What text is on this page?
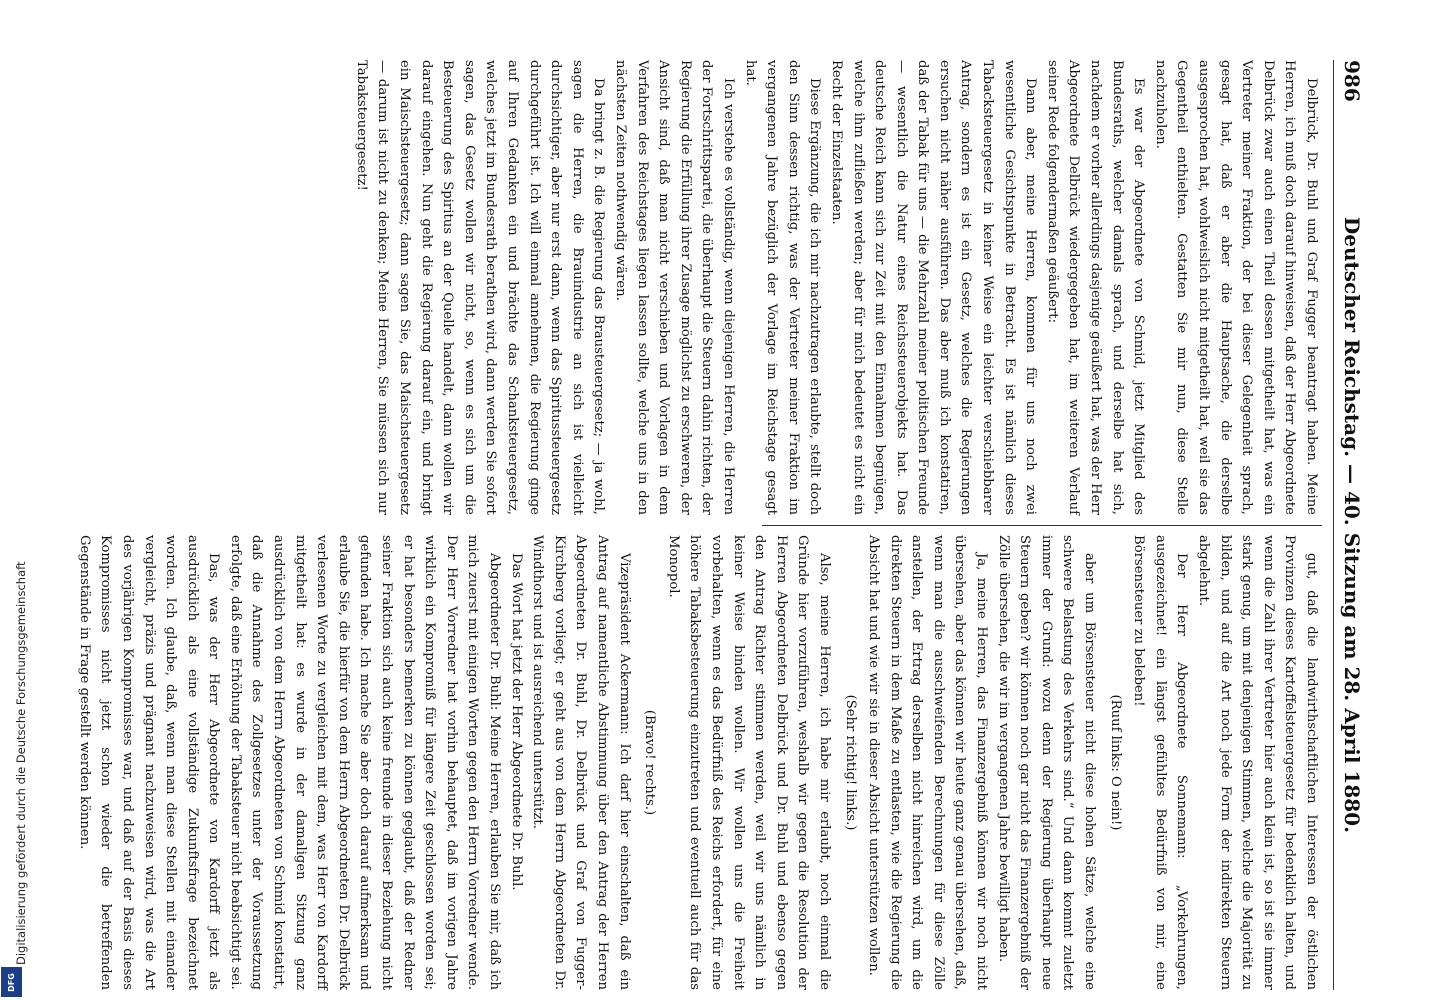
986
Deutscher Reichstag. — 40. Sitzung am 28. April 1880.

Delbrück, Dr. Buhl und Graf Fugger beantragt haben. Meine Herren, ich muß doch darauf hinweisen, daß der Herr Abgeordnete Delbrück zwar auch einen Theil dessen mitgetheilt hat, was ein Vertreter meiner Fraktion, der bei dieser Gelegenheit sprach, gesagt hat, daß er aber die Hauptsache, die derselbe ausgesprochen hat, wohlweislich nicht mitgetheilt hat, weil sie das Gegentheil enthielten. Gestatten Sie mir nun, diese Stelle nachzuholen.

Es war der Abgeordnete von Schmid, jetzt Mitglied des Bundesraths, welcher damals sprach, und derselbe hat sich, nachdem er vorher allerdings dasjenige geäußert hat, was der Herr Abgeordnete Delbrück wiedergegeben hat, im weiteren Verlauf seiner Rede folgendermaßen geäußert:

Dann aber, meine Herren, kommen für uns noch zwei wesentliche Gesichtspunkte in Betracht. Es ist nämlich dieses Tabacksteuergesetz in keiner Weise ein leichter verschiebbarer Antrag, sondern es ist ein Gesetz, welches die Regierungen ersuchen nicht näher ausführen. Das aber muß ich konstatiren, daß der Tabak für uns — die Mehrzahl meiner politischen Freunde — wesentlich die Natur eines Reichssteuerobjekts hat. Das deutsche Reich kann sich zur Zeit mit den Einnahmen begnügen, welche ihm zufließen werden; aber für mich bedeutet es nicht ein Recht der Einzelstaaten.

Diese Ergänzung, die ich mir nachzutragen erlaubte, stellt doch den Sinn dessen richtig, was der Vertreter meiner Fraktion im vergangenen Jahre bezüglich der Vorlage im Reichstage gesagt hat.

Ich verstehe es vollständig, wenn diejenigen Herren, die Herren der Fortschrittspartei, die überhaupt die Steuern dahin richten, der Regierung die Erfüllung ihrer Zusage möglichst zu erschweren, der Ansicht sind, daß man nicht verschieben und Vorlagen in dem Verfahren des Reichstages liegen lassen sollte, welche uns in den nächsten Zeiten nothwendig wären.

Da bringt z. B. die Regierung das Brausteuergesetz; — ja wohl, sagen die Herren, die Brauindustrie an sich ist vielleicht durchsichtiger, aber nur erst dann, wenn das Spiritussteuergesetz durchgeführt ist. Ich will einmal annehmen, die Regierung ginge auf Ihren Gedanken ein und brächte das Schanksteuergesetz, welches jetzt im Bundesrath berathen wird, dann werden Sie sofort sagen, das Gesetz wollen wir nicht, so, wenn es sich um die Besteuerung des Spiritus an der Quelle handelt, dann wollen wir darauf eingehen. Nun geht die Regierung darauf ein, und bringt ein Maischsteuergesetz; dann sagen Sie, das Maischsteuergesetz — darum ist nicht zu denken; Meine Herren, Sie müssen sich nur Tabaksteuergesetz!

gut, daß die landwirthschaftlichen Interessen der östlichen Provinzen dieses Kartoffelsteuergesetz für bedenklich halten, und wenn die Zahl ihrer Vertreter hier auch klein ist, so ist sie immer stark genug, um mit denjenigen Stimmen, welche die Majorität zu bilden, und auf die Art noch jede Form der indirekten Steuern abgelehnt.

Der Herr Abgeordnete Sonnemann: „Vorkehrungen, ausgezeichnet! ein längst gefühltes Bedürfniß von mir, eine Börsensteuer zu beleben!

(Ruuf links: O nein!)

aber um Börsensteuer nicht diese hohen Sätze, welche eine schwere Belastung des Verkehrs sind.“ Und dann kommt zuletzt immer der Grund: wozu denn der Regierung überhaupt neue Steuern geben? wir können noch gar nicht das Finanzergebniß der Zölle übersehen, die wir im vergangenen Jahre bewilligt haben.

Ja, meine Herren, das Finanzergebniß können wir noch nicht übersehen, aber das können wir heute ganz genau übersehen, daß, wenn man die ausschweifenden Berechnungen für diese Zölle anstellen, der Ertrag derselben nicht hinreichen wird, um die direkten Steuern in dem Maße zu entlasten, wie die Regierung die Absicht hat und wie wir sie in dieser Absicht unterstützen wollen.

(Sehr richtig! links.)

Also, meine Herren, ich habe mir erlaubt, noch einmal die Gründe hier vorzuführen, weshalb wir gegen die Resolution der Herren Abgeordneten Delbrück und Dr. Buhl und ebenso gegen den Antrag Richter stimmen werden, weil wir uns nämlich in keiner Weise binden wollen. Wir wollen uns die Freiheit vorbehalten, wenn es das Bedürfniß des Reichs erfordert, für eine höhere Tabaksbesteuerung einzutreten und eventuell auch für das Monopol.

(Bravo! rechts.)

Vizepräsident Ackermann: Ich darf hier einschalten, daß ein Antrag auf namentliche Abstimmung über den Antrag der Herren Abgeordneten Dr. Buhl, Dr. Delbrück und Graf von Fugger-Kirchberg vorliegt; er geht aus von dem Herrn Abgeordneten Dr. Windthorst und ist ausreichend unterstützt.

Das Wort hat jetzt der Herr Abgeordnete Dr. Buhl.

Abgeordneter Dr. Buhl: Meine Herren, erlauben Sie mir, daß ich mich zuerst mit einigen Worten gegen den Herrn Vorredner wende. Der Herr Vorredner hat vorhin behauptet, daß im vorigen Jahre wirklich ein Kompromiß für längere Zeit geschlossen worden sei; er hat besonders bemerken zu können geglaubt, daß der Redner seiner Fraktion sich auch keine freunde in dieser Beziehung nicht gefunden habe. Ich mache Sie aber doch darauf aufmerksam und erlaube Sie, die hierfür von dem Herrn Abgeordneten Dr. Delbrück verlesenen Worte zu vergleichen mit dem, was Herr von Kardorff mitgetheilt hat: es wurde in der damaligen Sitzung ganz ausdrücklich von dem Herrn Abgeordneten von Schmid konstatirt, daß die Annahme des Zollgesetzes unter der Voraussetzung erfolgte, daß eine Erhöhung der Tabaksteuer nicht beabsichtigt sei.

Das, was der Herr Abgeordnete von Kardorff jetzt als ausdrücklich als eine vollständige Zukunftsfrage bezeichnet worden. Ich glaube, daß, wenn man diese Stellen mit einander vergleicht, präzis und prägnant nachzuweisen wird, was die Art des vorjährigen Kompromisses war, und daß auf der Basis dieses Kompromisses nicht jetzt schon wieder die betreffenden Gegenstände in Frage gestellt werden können.

Digitalisierung gefördert durch die Deutsche Forschungsgemeinschaft
DFG
